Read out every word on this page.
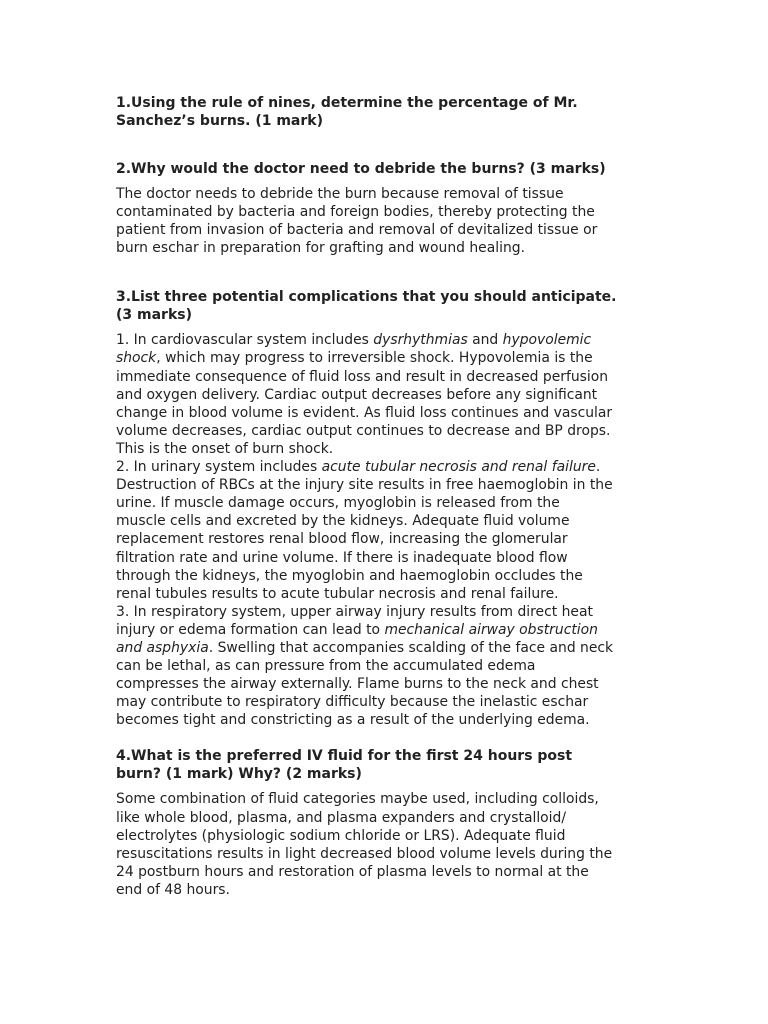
1.Using the rule of nines, determine the percentage of Mr.
Sanchez’s burns. (1 mark)
2.Why would the doctor need to debride the burns? (3 marks)

The doctor needs to debride the burn because removal of tissue
contaminated by bacteria and foreign bodies, thereby protecting the
patient from invasion of bacteria and removal of devitalized tissue or
burn eschar in preparation for grafting and wound healing.

3.List three potential complications that you should anticipate.
(3 marks)

1. In cardiovascular system includes dysrhythmias and hypovolemic
shock, which may progress to irreversible shock. Hypovolemia is the
immediate consequence of fluid loss and result in decreased perfusion
and oxygen delivery. Cardiac output decreases before any significant
change in blood volume is evident. As fluid loss continues and vascular
volume decreases, cardiac output continues to decrease and BP drops.
This is the onset of burn shock.

2. In urinary system includes acute tubular necrosis and renal failure.
Destruction of RBCs at the injury site results in free haemoglobin in the
urine. If muscle damage occurs, myoglobin is released from the
muscle cells and excreted by the kidneys. Adequate fluid volume
replacement restores renal blood flow, increasing the glomerular
filtration rate and urine volume. If there is inadequate blood flow
through the kidneys, the myoglobin and haemoglobin occludes the
renal tubules results to acute tubular necrosis and renal failure.

3. In respiratory system, upper airway injury results from direct heat
injury or edema formation can lead to mechanical airway obstruction
and asphyxia. Swelling that accompanies scalding of the face and neck
can be lethal, as can pressure from the accumulated edema
compresses the airway externally. Flame burns to the neck and chest
may contribute to respiratory difficulty because the inelastic eschar
becomes tight and constricting as a result of the underlying edema.

4.What is the preferred IV fluid for the first 24 hours post
burn? (1 mark) Why? (2 marks)

Some combination of fluid categories maybe used, including colloids,
like whole blood, plasma, and plasma expanders and crystalloid/
electrolytes (physiologic sodium chloride or LRS). Adequate fluid
resuscitations results in light decreased blood volume levels during the
24 postburn hours and restoration of plasma levels to normal at the
end of 48 hours.
